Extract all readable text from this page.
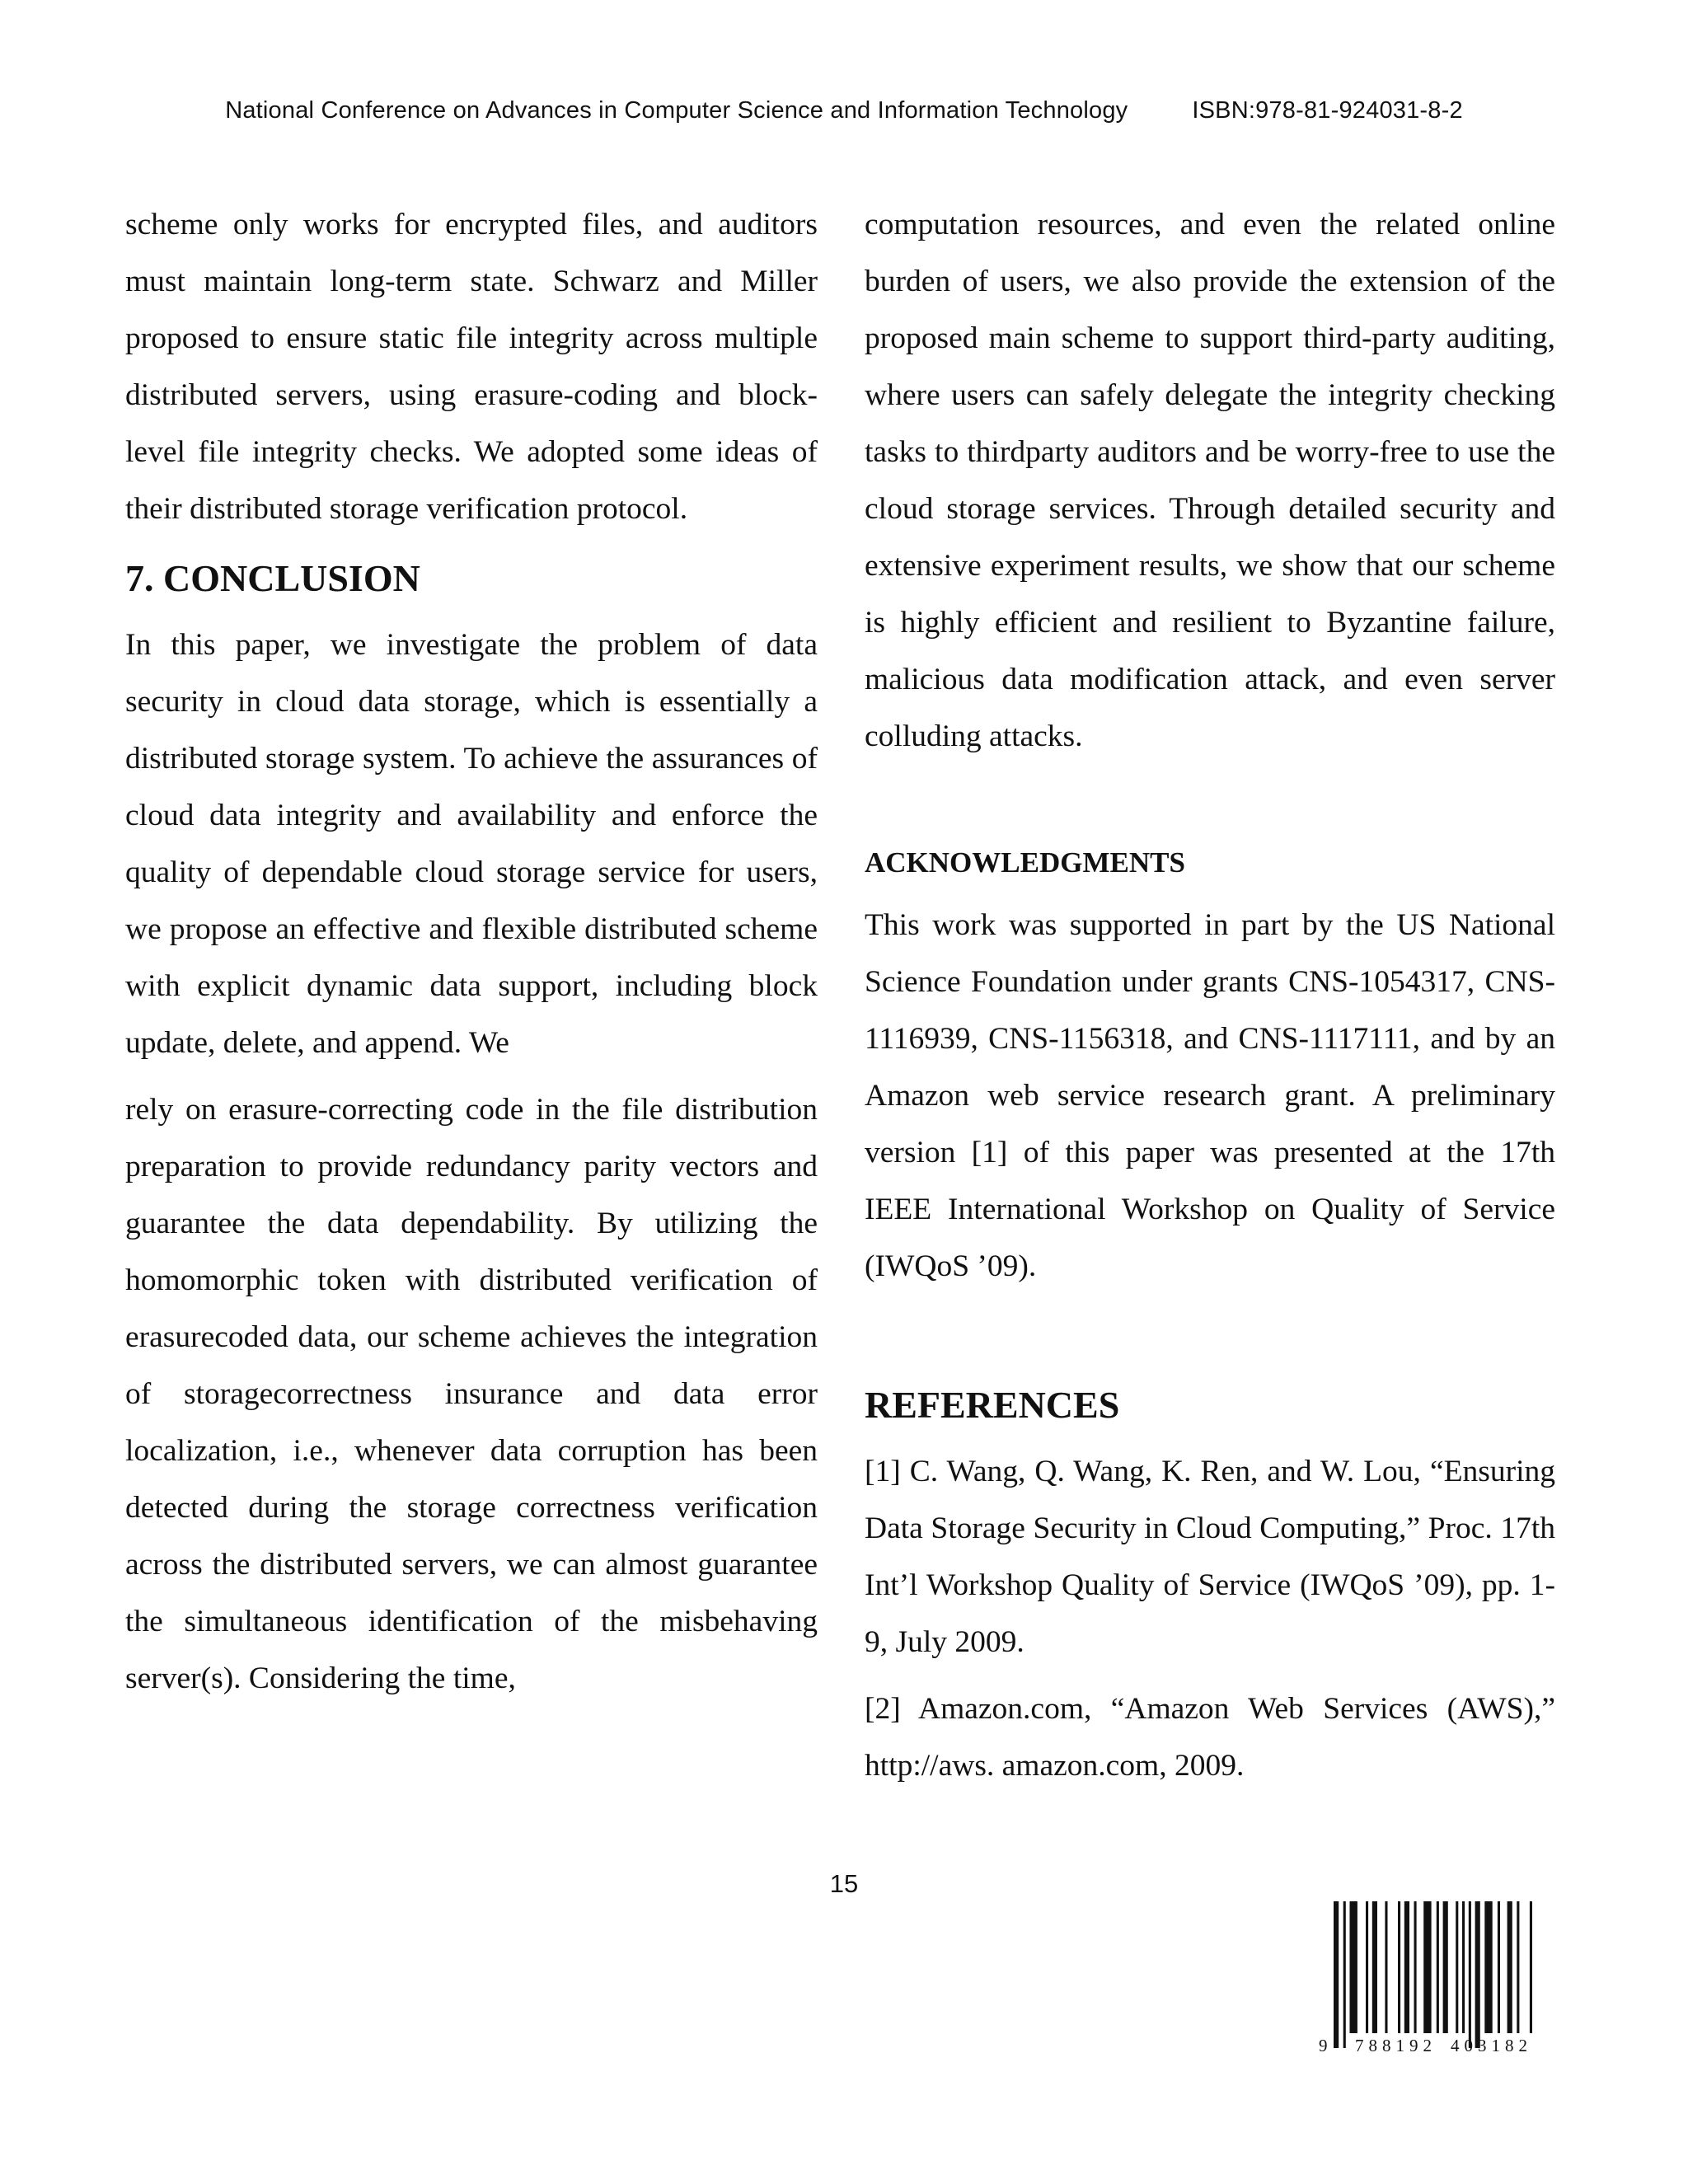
National Conference on Advances in Computer Science and Information Technology	ISBN:978-81-924031-8-2

scheme only works for encrypted files, and auditors must maintain long-term state. Schwarz and Miller proposed to ensure static file integrity across multiple distributed servers, using erasure-coding and block-level file integrity checks. We adopted some ideas of their distributed storage verification protocol.

7. CONCLUSION

In this paper, we investigate the problem of data security in cloud data storage, which is essentially a distributed storage system. To achieve the assurances of cloud data integrity and availability and enforce the quality of dependable cloud storage service for users, we propose an effective and flexible distributed scheme with explicit dynamic data support, including block update, delete, and append. We

rely on erasure-correcting code in the file distribution preparation to provide redundancy parity vectors and guarantee the data dependability. By utilizing the homomorphic token with distributed verification of erasurecoded data, our scheme achieves the integration of storagecorrectness insurance and data error localization, i.e., whenever data corruption has been detected during the storage correctness verification across the distributed servers, we can almost guarantee the simultaneous identification of the misbehaving server(s). Considering the time,

computation resources, and even the related online burden of users, we also provide the extension of the proposed main scheme to support third-party auditing, where users can safely delegate the integrity checking tasks to thirdparty auditors and be worry-free to use the cloud storage services. Through detailed security and extensive experiment results, we show that our scheme is highly efficient and resilient to Byzantine failure, malicious data modification attack, and even server colluding attacks.

ACKNOWLEDGMENTS

This work was supported in part by the US National Science Foundation under grants CNS-1054317, CNS- 1116939, CNS-1156318, and CNS-1117111, and by an Amazon web service research grant. A preliminary version [1] of this paper was presented at the 17th IEEE International Workshop on Quality of Service (IWQoS ’09).

REFERENCES

[1] C. Wang, Q. Wang, K. Ren, and W. Lou, “Ensuring Data Storage Security in Cloud Computing,” Proc. 17th Int’l Workshop Quality of Service (IWQoS ’09), pp. 1-9, July 2009.

[2] Amazon.com, “Amazon Web Services (AWS),” http://aws. amazon.com, 2009.

15
9 788192 403182
